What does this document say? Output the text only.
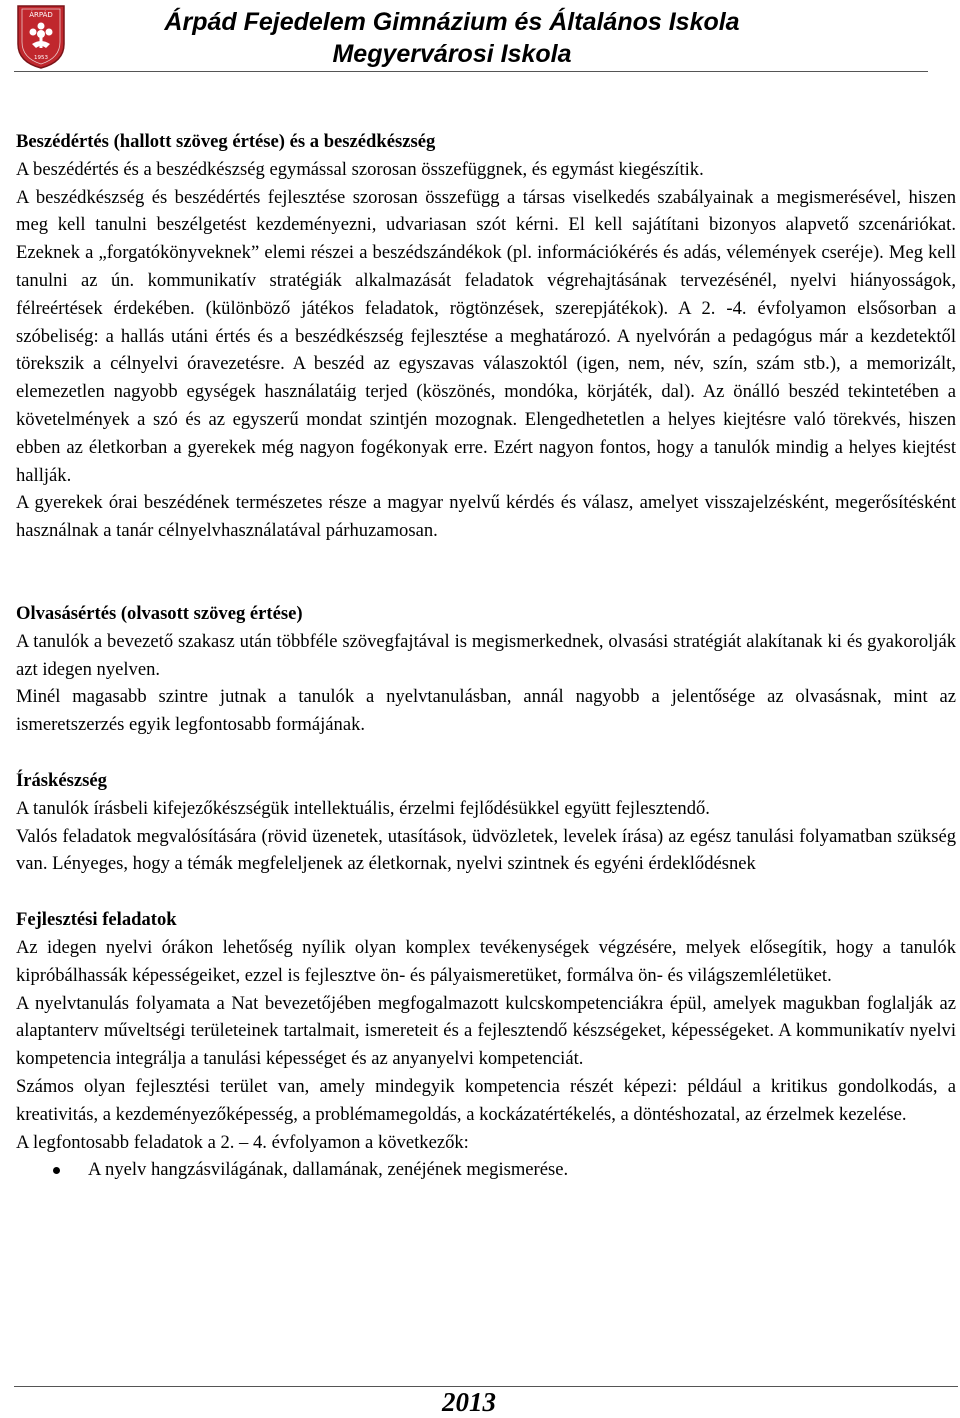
ÁRPÁD
1953
Árpád Fejedelem Gimnázium és Általános Iskola
Megyervárosi Iskola
Beszédértés (hallott szöveg értése) és a beszédkészség

A beszédértés és a beszédkészség egymással szorosan összefüggnek, és egymást kiegészítik.

A beszédkészség és beszédértés fejlesztése szorosan összefügg a társas viselkedés szabályainak a megismerésével, hiszen meg kell tanulni beszélgetést kezdeményezni, udvariasan szót kérni. El kell sajátítani bizonyos alapvető szcenáriókat. Ezeknek a „forgatókönyveknek” elemi részei a beszédszándékok (pl. információkérés és adás, vélemények cseréje). Meg kell tanulni az ún. kommunikatív stratégiák alkalmazását feladatok végrehajtásának tervezésénél, nyelvi hiányosságok, félreértések érdekében. (különböző játékos feladatok, rögtönzések, szerepjátékok). A 2. -4. évfolyamon elsősorban a szóbeliség: a hallás utáni értés és a beszédkészség fejlesztése a meghatározó. A nyelvórán a pedagógus már a kezdetektől törekszik a célnyelvi óravezetésre. A beszéd az egyszavas válaszoktól (igen, nem, név, szín, szám stb.), a memorizált, elemezetlen nagyobb egységek használatáig terjed (köszönés, mondóka, körjáték, dal). Az önálló beszéd tekintetében a követelmények a szó és az egyszerű mondat szintjén mozognak. Elengedhetetlen a helyes kiejtésre való törekvés, hiszen ebben az életkorban a gyerekek még nagyon fogékonyak erre. Ezért nagyon fontos, hogy a tanulók mindig a helyes kiejtést hallják.

A gyerekek órai beszédének természetes része a magyar nyelvű kérdés és válasz, amelyet visszajelzésként, megerősítésként használnak a tanár célnyelvhasználatával párhuzamosan.

Olvasásértés (olvasott szöveg értése)

A tanulók a bevezető szakasz után többféle szövegfajtával is megismerkednek, olvasási stratégiát alakítanak ki és gyakorolják azt idegen nyelven.

Minél magasabb szintre jutnak a tanulók a nyelvtanulásban, annál nagyobb a jelentősége az olvasásnak, mint az ismeretszerzés egyik legfontosabb formájának.

Íráskészség

A tanulók írásbeli kifejezőkészségük intellektuális, érzelmi fejlődésükkel együtt fejlesztendő.

Valós feladatok megvalósítására (rövid üzenetek, utasítások, üdvözletek, levelek írása) az egész tanulási folyamatban szükség van. Lényeges, hogy a témák megfeleljenek az életkornak, nyelvi szintnek és egyéni érdeklődésnek

Fejlesztési feladatok

Az idegen nyelvi órákon lehetőség nyílik olyan komplex tevékenységek végzésére, melyek elősegítik, hogy a tanulók kipróbálhassák képességeiket, ezzel is fejlesztve ön- és pályaismeretüket, formálva ön- és világszemléletüket.

A nyelvtanulás folyamata a Nat bevezetőjében megfogalmazott kulcskompetenciákra épül, amelyek magukban foglalják az alaptanterv műveltségi területeinek tartalmait, ismereteit és a fejlesztendő készségeket, képességeket. A kommunikatív nyelvi kompetencia integrálja a tanulási képességet és az anyanyelvi kompetenciát.

Számos olyan fejlesztési terület van, amely mindegyik kompetencia részét képezi: például a kritikus gondolkodás, a kreativitás, a kezdeményezőképesség, a problémamegoldás, a kockázatértékelés, a döntéshozatal, az érzelmek kezelése.

A legfontosabb feladatok a 2. – 4. évfolyamon a következők:

A nyelv hangzásvilágának, dallamának, zenéjének megismerése.
2013
